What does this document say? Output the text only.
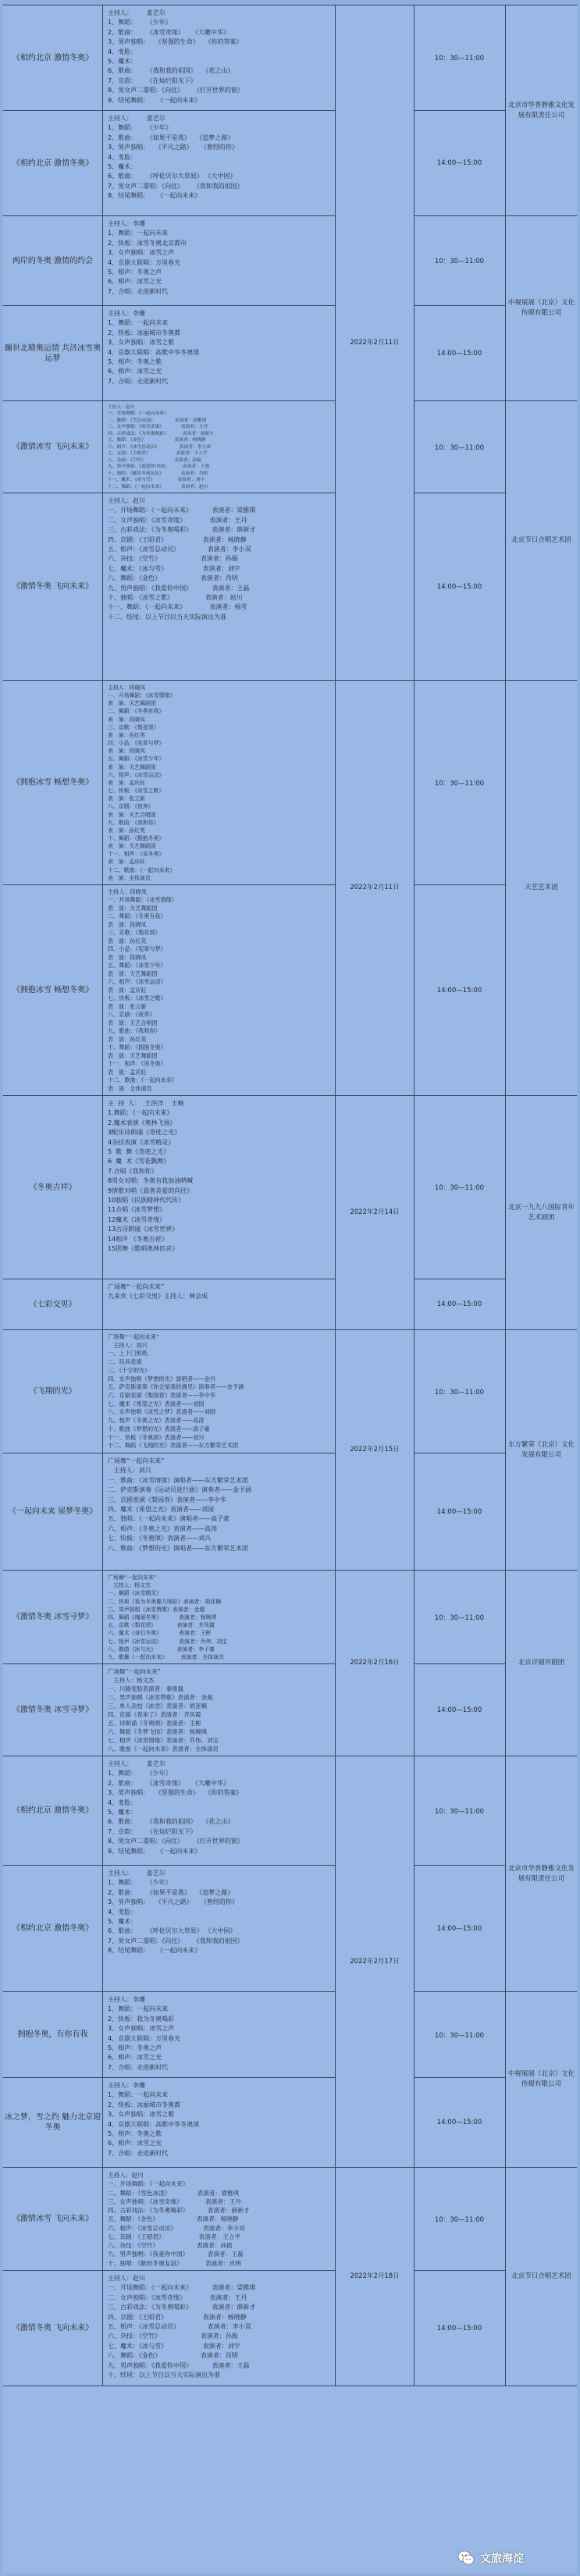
《相约北京 激情冬奥》
主持人：       姜艺尔
1、舞蹈：     《少年》
2、歌曲：     《冰雪奇缘》    《大雕中华》
3、男声独唱：   《坚强的生命》   《你的答案》
4、变脸：
5、魔术：
6、歌曲：     《我和我的祖国》   《花之山》
7、京韵：     《在灿烂阳光下》
8、男女声二重唱：《向往》     《打开世界的窗》
9、结尾舞蹈：    《一起向未来》
10：30—11:00
《相约北京 激情冬奥》
主持人：       姜艺尔
1、舞蹈：     《少年》
2、歌曲：     《如果不是我》   《追梦之路》
3、男声独唱：   《平凡之路》    《曾经的你》
4、变脸：
5、魔术：
6、歌曲：     《呼伦贝尔大草原》 《大中国》
7、男女声二重唱：《向往》     《我和我的祖国》
8、结尾舞蹈：    《一起向未来》
14:00—15:00
两岸的冬奥 激情的约会
主持人：李珊
1、舞蹈：一起向未来
2、快板：冰雪冬奥北京都市
3、女声独唱：冰雪之声
4、京剧大联唱：万里春光
5、相声：冬奥之声
6、相声：冰雪之光
7、合唱：走进新时代
10：30—11:00
蹦世北精奥运情 共济冰雪奥运梦
主持人：李珊
1、舞蹈：一起向未来
2、快板：冰丽城市冬奥都
3、女声独唱：冰雪之歌
4、京剧大联唱：高歌中华冬奥颂
5、相声：冬奥之歌
6、相声：冰雪之光
7、合唱：走进新时代
14:00—15:00
《激情冰雪 飞向未来》
主持人：赵川
一、开场舞蹈：《一起向未来》
二、舞蹈：《雪色冰凌》              表演者：梁雅琪
三、女声独唱：《冰雪奇缘》            表演者：王丹
四、古彩戏法：《为冬奥喝彩》          表演者：薛新才
五、舞蹈：《金色》                    表演者：杨晓静
六、相声：《冰雪总动员》              表演者：李小双
七、京剧：《王昭君》                  表演者：王立平
八、杂技：《空竹》                    表演者：孙振
九、男声独唱：《我爱你中国》          表演者：王磊
十、独唱：《献给冬奥友谊》            表演者：肖明
十一、魔术：《冰与雪》                表演者：刘宇
十二、舞蹈：《一起向未来》            表演者：赵川
10：30—11:00
《激情冬奥 飞向未来》
主持人：赵川
一、开场舞蹈：《一起向未来》          表演者：梁雅琪
二、女声独唱：《冰雪奇缘》            表演者：王丹
三、古彩戏法：《为冬奥喝彩》          表演者：薛新才
四、京剧：《王昭君》                  表演者：杨晓静
五、相声：《冰雪总动员》              表演者：李小双
六、杂技：《空竹》                    表演者：孙振
七、魔术：《冰与雪》                  表演者：刘宇
八、舞蹈：《金色》                    表演者：肖明
九、男声独唱：《我爱你中国》          表演者：王磊
十、独唱：《冰雪之歌》                表演者：赵川
十一、舞蹈：《一起向未来》            表演者：杨雪
十二、结尾：以上节目以当天实际演出为准
14:00—15:00
《拥抱冰雪 畅想冬奥》
主持人：段晓凤
一、开场舞蹈：《冰雪情缘》
表   演：天艺舞蹈团
二、舞蹈：《冬奥有我》
表   演：段晓凤
三、京歌：《梨花颂》
表   演：孙红英
四、小品：《宪章与梦》
表   演：段晓凤
五、舞蹈：《冰雪少年》
表   演：天艺舞蹈团
六、相声：《冰雪运动》
表   演：孟庆旺
七、快板：《冰雪之歌》
表   演：张立新
八、京剧：《夜奔》
表   演：天艺合唱团
九、歌曲：《我和你》
表   演：孙红英
十、舞蹈：《拥抱冬奥》
表   演：天艺舞蹈团
十一、相声：《说冬奥》
表   演：孟庆旺
十二、歌曲：《一起向未来》
表   演：全体演员
10：30—11:00
《拥抱冰雪 畅想冬奥》
主持人：段晓凤
一、开场舞蹈：《冰雪情缘》
表   演：天艺舞蹈团
二、舞蹈：《冬奥有我》
表   演：段晓凤
三、京歌：《梨花颂》
表   演：孙红英
四、小品：《宪章与梦》
表   演：段晓凤
五、舞蹈：《冰雪少年》
表   演：天艺舞蹈团
六、相声：《冰雪运动》
表   演：孟庆旺
七、快板：《冰雪之歌》
表   演：张立新
八、京剧：《夜奔》
表   演：天艺合唱团
九、歌曲：《我和你》
表   演：孙红英
十、舞蹈：《拥抱冬奥》
表   演：天艺舞蹈团
十一、相声：《说冬奥》
表   演：孟庆旺
十二、歌曲：《一起向未来》
表   演：全体演员
14:00—15:00
《冬奥吉祥》
主  持  人：  王洪洋    王畅
1.舞蹈：《一起向未来》
2.魔术表演《奥林飞扬》
3配乐诗朗诵《奇迹之光》
4杂技表演《冰雪精灵》
5  歌  舞《奇迹之光》
6  魔  术《雪花飘舞》
7.合唱《我和你》
8男女对唱：冬奥有我加油呐喊
9情歌对唱《真善美爱的向往》
10独唱《民族精神代代传》
11合唱《冰雪梦想》
12魔术《冰雪奇缘》
13古诗朗诵《冰雪世界》
14相声 《冬奥吉祥》
15团舞《歌唱奥林匹克》
10：30—11:00
《七彩交男》
广场舞“一起向未来”
九来欢《七彩交男》主持人：林会成
14:00—15:00
《飞翔的光》
广场舞“一起向未来”
主持人：刘兴
一、上下门剪纸
二、玩具表演
三、《十字的光》
四、女声独唱《梦想的光》演唱者——金丹
五、萨克斯演奏《你会是我的遇见》演奏者——金予涵
六、京剧表演《梨园春》表演者——李中华
七、魔术《希望之光》表演者——刘园
八、女声独唱《冰雪之梦》表演者——刘园
九、相声《冬奥之光》表演者——高涛
十、歌曲《梦想的光》表演者——高子豪
十一、快板《冬奥颂》表演者——刘兴
十二、舞蹈《飞翔的光》表演者——东方繁荣艺术团
10：30—11:00
《一起向未来 展梦冬奥》
广场舞“一起向未来”
主持人：刘兴
一、歌曲：《冰雪情缘》演唱者——东方繁荣艺术团
二、萨克斯演奏《运动员进行曲》演奏者——金予涵
三、京剧表演《梨园春》表演者——李中华
四、魔术《希望之光》表演者——刘园
五、独唱：《一起向未来》演唱者——高子豪
六、相声：《冬奥之光》表演者——高涛
七、快板：《冬奥颂》表演者——刘兴
八、歌曲：《梦想的光》演唱者——东方繁荣艺术团
14:00—15:00
《激情冬奥 冰雪寻梦》
广场舞“一起向未来”
主持人：杨文杰
一、舞蹈《冰雪精灵》
二、快板《我为冬奥健儿喝彩》表演者：胡亚楠
三、男声独唱《冰雪赞歌》表演者：金超
四、舞蹈《瑰丽冬奥》          表演者：杨婉琪
五、京歌《梨花颂》            表演者：齐凤霞
六、魔术《奇幻冬奥》          表演者：王彬
七、相声《冰雪运动》          表演者：乔伟、刘宝
八、歌曲《冰与火》            表演者：李子豪
九、歌舞《一起向未来》        表演者：全体演员
10：30—11:00
《激情冬奥 冰雪寻梦》
广场舞“一起向未来”
主持人：杨文杰
一、川剧变脸表演者：秦俊磊
二、男声独唱《冰雪赞歌》表演者：金超
三、单人杂技《冰雪》表演者：胡亚楠
四、京剧《春来了》表演者：齐凤霞
五、诗朗诵《冬奥颂》表演者：王彬
六、舞蹈《冬梦飞扬》表演者：杨婉琪
七、相声《冰雪情缘》表演者：乔伟、刘宝
八、歌曲《一起向未来》表演者：全体演员
14:00—15:00
《相约北京 激情冬奥》
主持人：       姜艺尔
1、舞蹈：     《少年》
2、歌曲：     《冰雪奇缘》    《大雕中华》
3、男声独唱：   《坚强的生命》   《你的答案》
4、变脸：
5、魔术：
6、歌曲：     《我和我的祖国》   《花之山》
7、京韵：     《在灿烂阳光下》
8、男女声二重唱：《向往》     《打开世界的窗》
9、结尾舞蹈：    《一起向未来》
10：30—11:00
《相约北京 激情冬奥》
主持人：       姜艺尔
1、舞蹈：     《少年》
2、歌曲：     《如果不是我》   《追梦之路》
3、男声独唱：   《平凡之路》    《曾经的你》
4、变脸：
5、魔术：
6、歌曲：     《呼伦贝尔大草原》 《大中国》
7、男女声二重唱：《向往》     《我和我的祖国》
8、结尾舞蹈：    《一起向未来》
14:00—15:00
拥抱冬奥，有你有我
主持人：李珊
1、舞蹈：一起向未来
2、快板：我为冬奥喝彩
3、女声独唱：冰雪之声
4、京剧大联唱：万里春光
5、相声：冬奥之声
6、相声：冰雪之光
7、合唱：走进新时代
10：30—11:00
冰之梦，雪之约 魅力北京迎冬奥
主持人：李珊
1、舞蹈：一起向未来
2、快板：冰丽城市冬奥都
3、女声独唱：冰雪之歌
4、京剧大联唱：高歌中华冬奥颂
5、相声：冬奥之歌
6、相声：冰雪之光
7、合唱：走进新时代
14:00—15:00
《激情冰雪 飞向未来》
主持人：赵川
一、开场舞蹈：《一起向未来》
二、舞蹈：《雪色冰凌》              表演者：梁雅琪
三、女声独唱：《冰雪奇缘》            表演者：王丹
四、古彩戏法：《为冬奥喝彩》          表演者：薛新才
五、舞蹈：《金色》                    表演者：杨晓静
六、相声：《冰雪总动员》              表演者：李小双
七、京剧：《王昭君》                  表演者：王立平
八、杂技：《空竹》                    表演者：孙振
九、男声独唱：《我爱你中国》          表演者：王磊
十、独唱：《献给冬奥友谊》            表演者：肖明
10：30—11:00
《激情冬奥 飞向未来》
主持人：赵川
一、开场舞蹈：《一起向未来》          表演者：梁雅琪
二、女声独唱：《冰雪奇缘》            表演者：王丹
三、古彩戏法：《为冬奥喝彩》          表演者：薛新才
四、京剧：《王昭君》                  表演者：杨晓静
五、相声：《冰雪总动员》              表演者：李小双
六、杂技：《空竹》                    表演者：孙振
七、魔术：《冰与雪》                  表演者：刘宇
八、舞蹈：《金色》                    表演者：肖明
九、男声独唱：《我爱你中国》          表演者：王磊
十、结尾：以上节目以当天实际演出为准
14:00—15:00
2022年2月11日
2022年2月11日
2022年2月14日
2022年2月15日
2022年2月16日
2022年2月17日
2022年2月18日
北京市华普静雅文化发展有限责任公司
中视展展（北京）文化传媒有限公司
北京节日合唱艺术团
天艺艺术团
北京一九九八国际青年艺术剧团
东方繁荣（北京）文化发展有限公司
北京评剧评剧团
北京市华普静雅文化发展有限责任公司
中视展展（北京）文化传媒有限公司
北京节日合唱艺术团
文旅海淀
